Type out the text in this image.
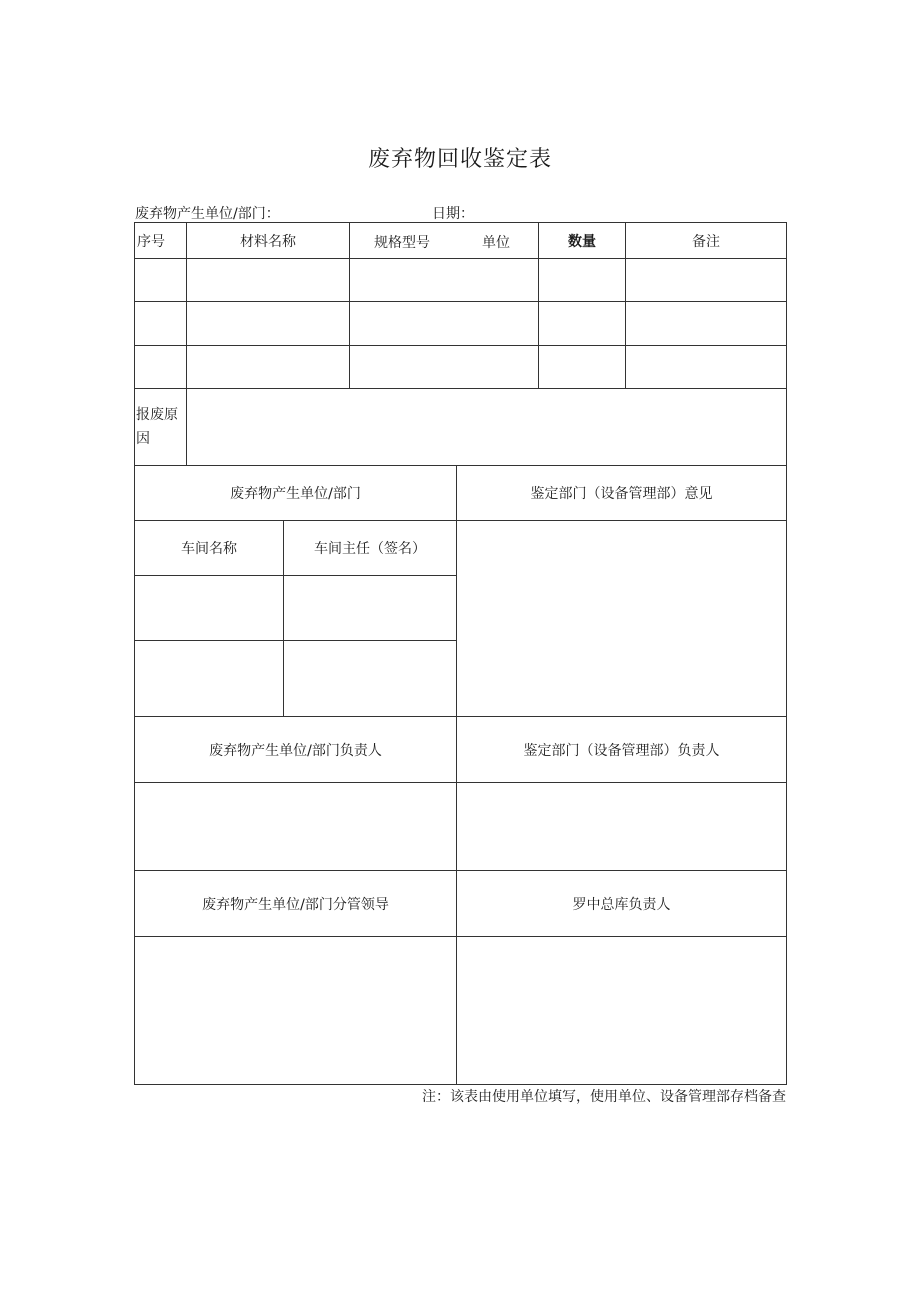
废弃物回收鉴定表
废弃物产生单位/部门：	日期：
序号	材料名称	规格型号 单位	数量	备注

报废原因				
废弃物产生单位/部门		鉴定部门（设备管理部）意见
车间名称	车间主任（签名）	

废弃物产生单位/部门负责人		鉴定部门（设备管理部）负责人

废弃物产生单位/部门分管领导		罗中总库负责人

注：该表由使用单位填写，使用单位、设备管理部存档备查
